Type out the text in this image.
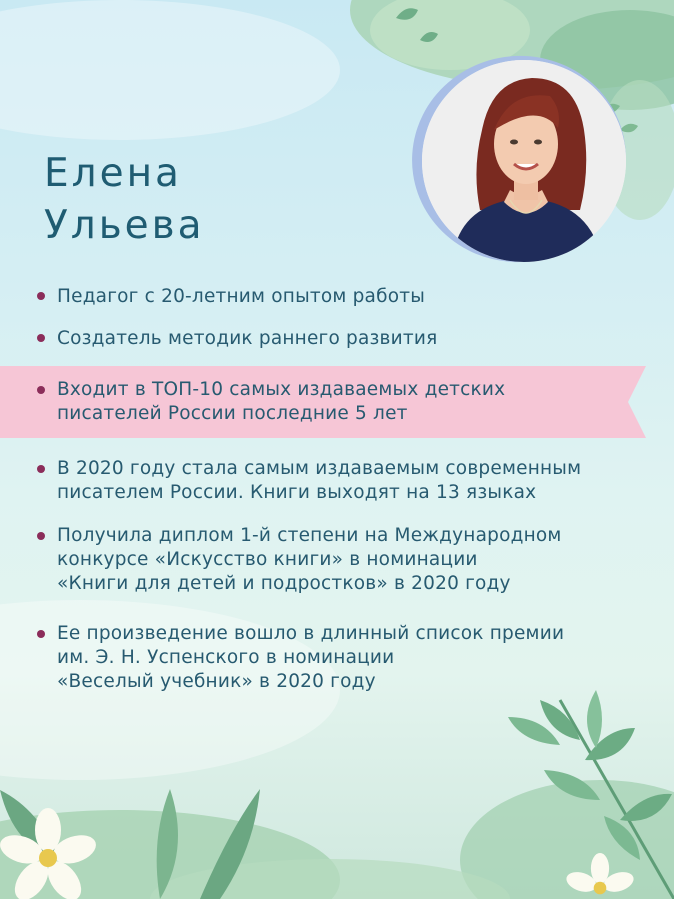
Елена
Ульева
Педагог с 20-летним опытом работы
Создатель методик раннего развития
Входит в ТОП-10 самых издаваемых детских
писателей России последние 5 лет
В 2020 году стала самым издаваемым современным
писателем России. Книги выходят на 13 языках
Получила диплом 1-й степени на Международном
конкурсе «Искусство книги» в номинации
«Книги для детей и подростков» в 2020 году
Ее произведение вошло в длинный список премии
им. Э. Н. Успенского в номинации
«Веселый учебник» в 2020 году
